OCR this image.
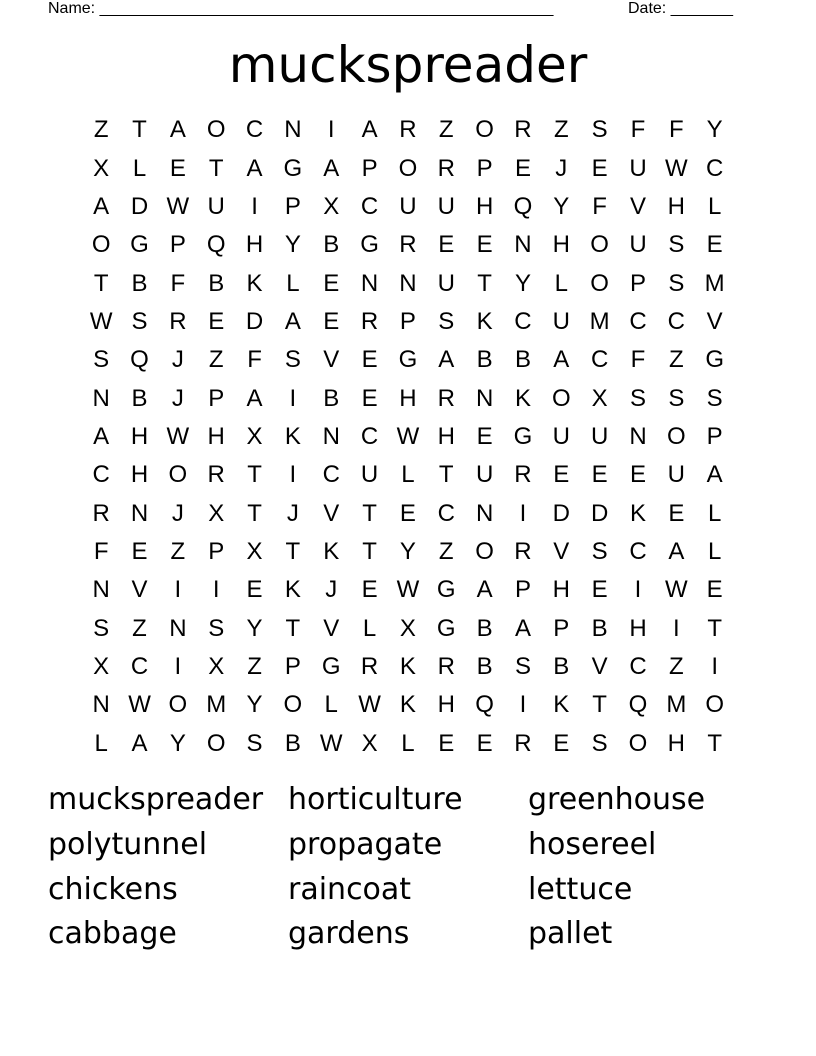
Name: ___________________________________________________	Date: _______
muckspreader
Z T A O C N	I	A R Z O R Z S F F Y
X L E T A G A P O R P E	J	E U W C
A D W U	I	P X C U U H Q Y F V H L
O G P Q H Y B G R E E N H O U S E
T B F B K L E N N U T Y L O P S M
W S R E D A E R P S K C U M C C V
S Q J	Z F S V E G A B B A C F Z G
N B	J	P A	I	B E H R N K O X S S S
A H W H X K N C W H E G U U N O P
C H O R T	I	C U L	T U R E E E U A
R N J	X T	J	V T E C N	I	D D K E L
F E Z P X T K T Y Z O R V S C A L
N V	I	I	E K	J	E W G A P H E	I W E
S Z N S Y T V L X G B A P B H	I	T
X C	I	X Z P G R K R B S B V C Z	I
N W O M Y O L W K H Q	I	K T Q M O
L A Y O S B W X L E E R E S O H T
muckspreader horticulture	greenhouse
polytunnel	propagate	hosereel
chickens	raincoat	lettuce
cabbage	gardens	pallet
